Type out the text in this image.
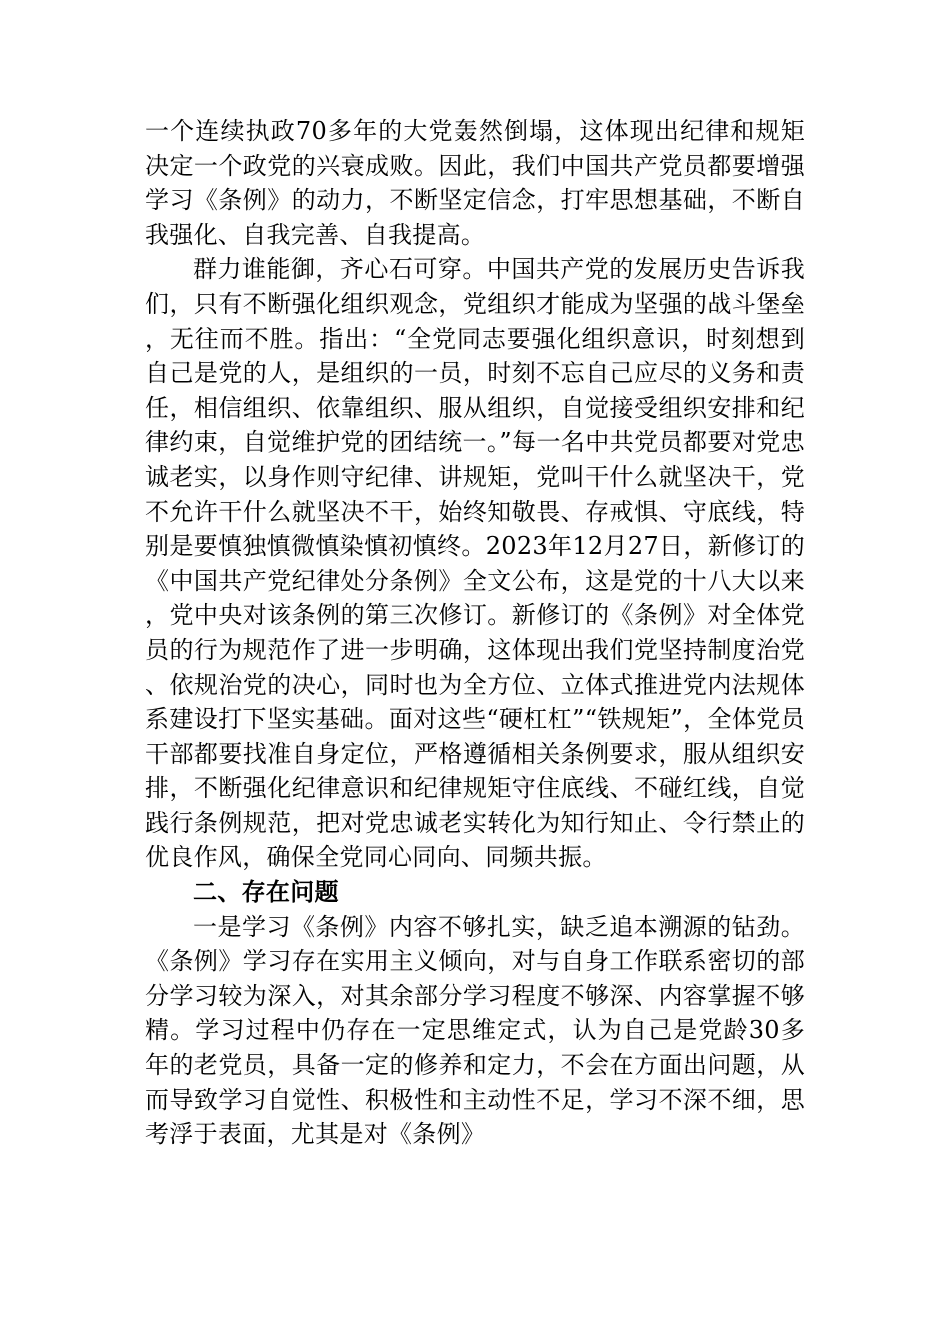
一个连续执政70多年的大党轰然倒塌，这体现出纪律和规矩决定一个政党的兴衰成败。因此，我们中国共产党员都要增强学习《条例》的动力，不断坚定信念，打牢思想基础，不断自我强化、自我完善、自我提高。

群力谁能御，齐心石可穿。中国共产党的发展历史告诉我们，只有不断强化组织观念，党组织才能成为坚强的战斗堡垒，无往而不胜。指出：“全党同志要强化组织意识，时刻想到自己是党的人，是组织的一员，时刻不忘自己应尽的义务和责任，相信组织、依靠组织、服从组织，自觉接受组织安排和纪律约束，自觉维护党的团结统一。”每一名中共党员都要对党忠诚老实，以身作则守纪律、讲规矩，党叫干什么就坚决干，党不允许干什么就坚决不干，始终知敬畏、存戒惧、守底线，特别是要慎独慎微慎染慎初慎终。2023年12月27日，新修订的《中国共产党纪律处分条例》全文公布，这是党的十八大以来，党中央对该条例的第三次修订。新修订的《条例》对全体党员的行为规范作了进一步明确，这体现出我们党坚持制度治党、依规治党的决心，同时也为全方位、立体式推进党内法规体系建设打下坚实基础。面对这些“硬杠杠”“铁规矩”，全体党员干部都要找准自身定位，严格遵循相关条例要求，服从组织安排，不断强化纪律意识和纪律规矩守住底线、不碰红线，自觉践行条例规范，把对党忠诚老实转化为知行知止、令行禁止的优良作风，确保全党同心同向、同频共振。

二、存在问题

一是学习《条例》内容不够扎实，缺乏追本溯源的钻劲。《条例》学习存在实用主义倾向，对与自身工作联系密切的部分学习较为深入，对其余部分学习程度不够深、内容掌握不够精。学习过程中仍存在一定思维定式，认为自己是党龄30多年的老党员，具备一定的修养和定力，不会在方面出问题，从而导致学习自觉性、积极性和主动性不足，学习不深不细，思考浮于表面，尤其是对《条例》
